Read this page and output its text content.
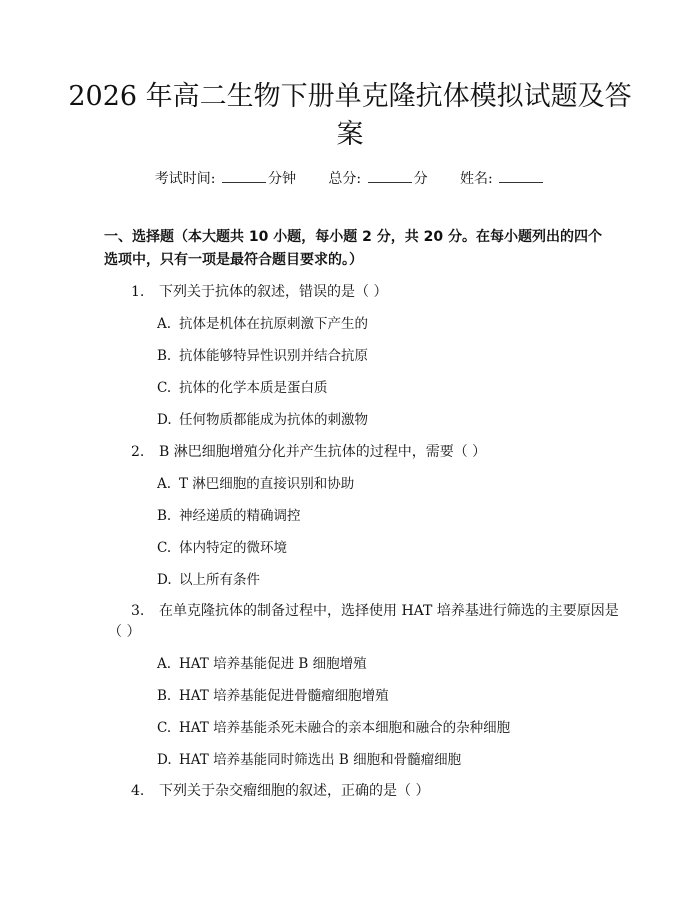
2026 年高二生物下册单克隆抗体模拟试题及答案
考试时间:	分钟 总分:	分 姓名:
一、选择题（本大题共 10 小题，每小题 2 分，共 20 分。在每小题列出的四个选项中，只有一项是最符合题目要求的。）
1. 下列关于抗体的叙述，错误的是（ ）
A. 抗体是机体在抗原刺激下产生的
B. 抗体能够特异性识别并结合抗原
C. 抗体的化学本质是蛋白质
D. 任何物质都能成为抗体的刺激物
2. B 淋巴细胞增殖分化并产生抗体的过程中，需要（ ）
A. T 淋巴细胞的直接识别和协助
B. 神经递质的精确调控
C. 体内特定的微环境
D. 以上所有条件
3. 在单克隆抗体的制备过程中，选择使用 HAT 培养基进行筛选的主要原因是
（ ）
A. HAT 培养基能促进 B 细胞增殖
B. HAT 培养基能促进骨髓瘤细胞增殖
C. HAT 培养基能杀死未融合的亲本细胞和融合的杂种细胞
D. HAT 培养基能同时筛选出 B 细胞和骨髓瘤细胞
4. 下列关于杂交瘤细胞的叙述，正确的是（ ）
